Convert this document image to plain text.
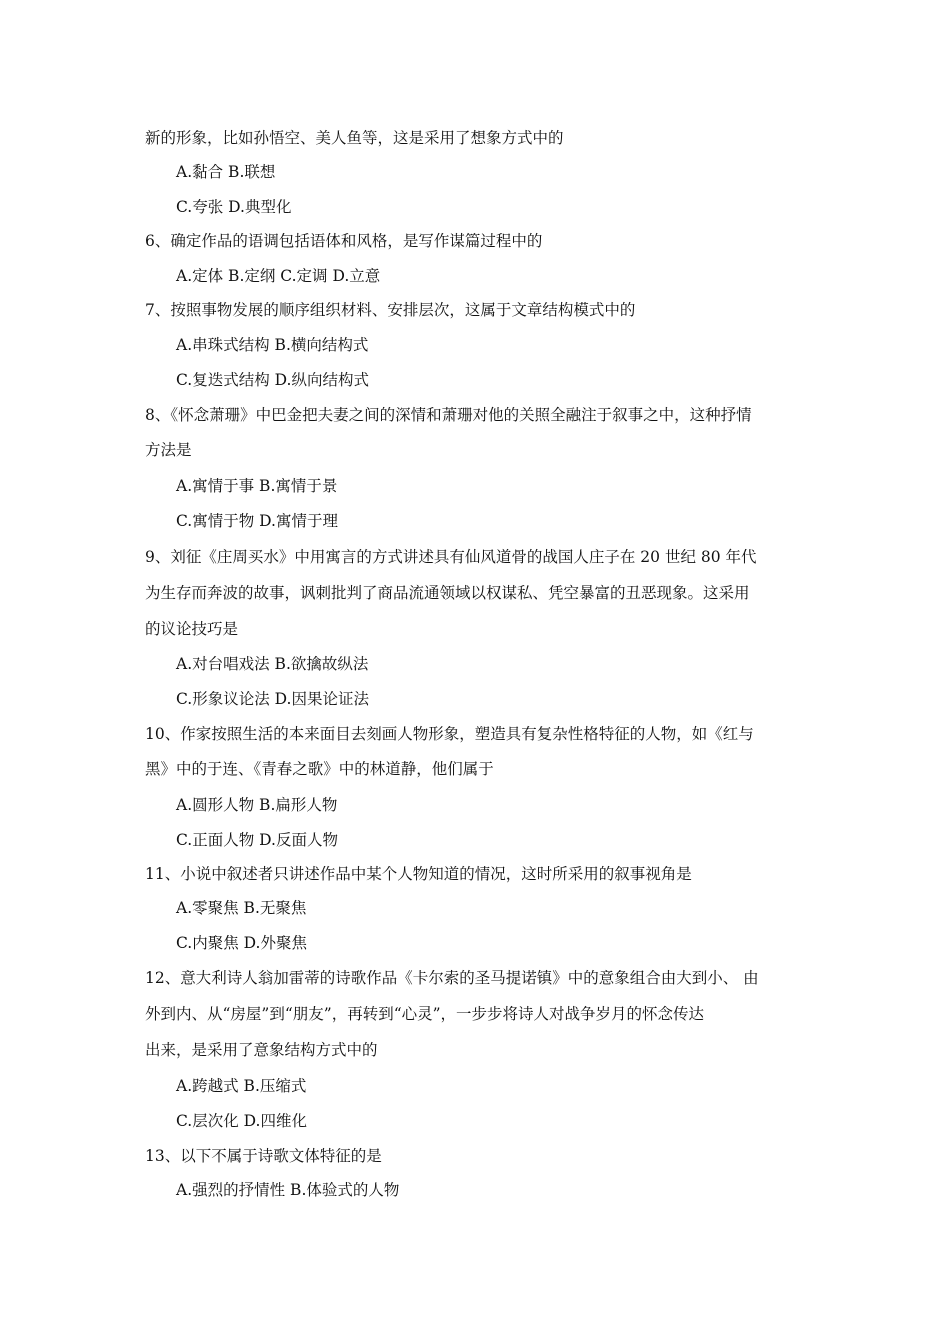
新的形象，比如孙悟空、美人鱼等，这是采用了想象方式中的
A.黏合 B.联想
C.夸张 D.典型化
6、确定作品的语调包括语体和风格，是写作谋篇过程中的
A.定体 B.定纲 C.定调 D.立意
7、按照事物发展的顺序组织材料、安排层次，这属于文章结构模式中的
A.串珠式结构 B.横向结构式
C.复迭式结构 D.纵向结构式
8、《怀念萧珊》中巴金把夫妻之间的深情和萧珊对他的关照全融注于叙事之中，这种抒情
方法是
A.寓情于事 B.寓情于景
C.寓情于物 D.寓情于理
9、刘征《庄周买水》中用寓言的方式讲述具有仙风道骨的战国人庄子在 20 世纪 80 年代
为生存而奔波的故事，讽刺批判了商品流通领域以权谋私、凭空暴富的丑恶现象。这采用
的议论技巧是
A.对台唱戏法 B.欲擒故纵法
C.形象议论法 D.因果论证法
10、作家按照生活的本来面目去刻画人物形象，塑造具有复杂性格特征的人物，如《红与
黑》中的于连、《青春之歌》中的林道静，他们属于
A.圆形人物 B.扁形人物
C.正面人物 D.反面人物
11、小说中叙述者只讲述作品中某个人物知道的情况，这时所采用的叙事视角是
A.零聚焦 B.无聚焦
C.内聚焦 D.外聚焦
12、意大利诗人翁加雷蒂的诗歌作品《卡尔索的圣马提诺镇》中的意象组合由大到小、 由
外到内、从“房屋”到“朋友”，再转到“心灵”，一步步将诗人对战争岁月的怀念传达
出来，是采用了意象结构方式中的
A.跨越式 B.压缩式
C.层次化 D.四维化
13、以下不属于诗歌文体特征的是
A.强烈的抒情性 B.体验式的人物
